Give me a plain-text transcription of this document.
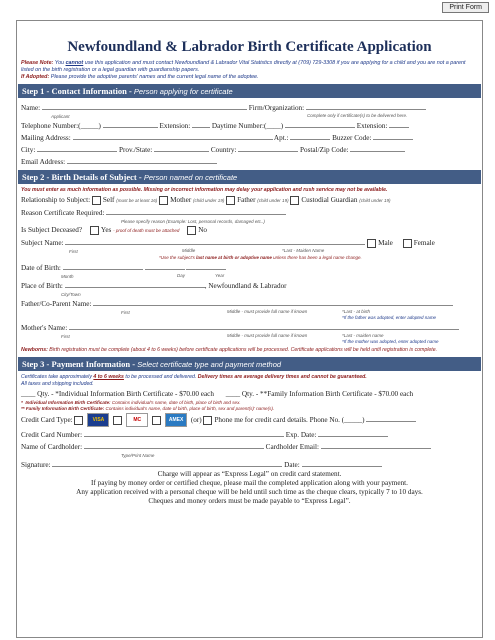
Print Form
Newfoundland & Labrador Birth Certificate Application
Please Note: You cannot use this application and must contact Newfoundland & Labrador Vital Statistics directly at (709) 729-3308 if you are applying for a child and you are not a parent listed on the birth registration or a legal guardian with guardianship papers.
If Adopted: Please provide the adoptive parents' names and the current legal name of the adoptee.
Step 1 - Contact Information - Person applying for certificate
Name:	Firm/Organization:
Applicant	Complete only if certificate(s) to be delivered here.
Telephone Number:(_____)	Extension:	Daytime Number:(____)	Extension:
Mailing Address:	Apt.:	Buzzer Code:
City:	Prov./State:	Country:	Postal/Zip Code:
Email Address:
Step 2 - Birth Details of Subject - Person named on certificate
You must enter as much information as possible. Missing or incorrect information may delay your application and rush service may not be available.
Relationship to Subject: Self (must be at least 16) Mother (child under 19) Father (child under 19) Custodial Guardian (child under 19)
Reason Certificate Required:
Please specify reason (Example: Lost, personal records, damaged etc..)
Is Subject Deceased?	Yes - proof of death must be attached	No
Subject Name:	Male	Female
First	Middle	*Last - Maiden Name
*Use the subject's last name at birth or adoptive name unless there has been a legal name change.
Date of Birth:
Month	Day	Year
Place of Birth:	, Newfoundland & Labrador
City/Town
Father/Co-Parent Name:
First	Middle - must provide full name if known	*Last - at birth
*If the father was adopted, enter adopted name
Mother's Name:
First	Middle - must provide full name if known	*Last - maiden name
*If the mother was adopted, enter adopted name
Newborns: Birth registration must be complete (about 4 to 6 weeks) before certificate applications will be processed. Certificate applications will be held until registration is complete.
Step 3 - Payment Information - Select certificate type and payment method
Certificates take approximately 4 to 6 weeks to be processed and delivered. Delivery times are average delivery times and cannot be guaranteed.
All taxes and shipping included.
____ Qty. - *Individual Information Birth Certificate - $70.00 each ____ Qty. - **Family Information Birth Certificate - $70.00 each
*  Individual Information Birth Certificate: Contains individual's name, date of birth, place of birth and sex.
** Family Information Birth Certificate: Contains individual's name, date of birth, place of birth, sex and parent(s)' name(s).
Credit Card Type:	VISA	MC	AMEX (or) Phone me for credit card details. Phone No. (_____)
Credit Card Number:	Exp. Date:
Name of Cardholder:	Cardholder Email:
Type/Print Name
Signature:	Date:
Charge will appear as “Express Legal” on credit card statement.
If paying by money order or certified cheque, please mail the completed application along with your payment.
Any application received with a personal cheque will be held until such time as the cheque clears, typically 7 to 10 days.
Cheques and money orders must be made payable to “Express Legal”.
